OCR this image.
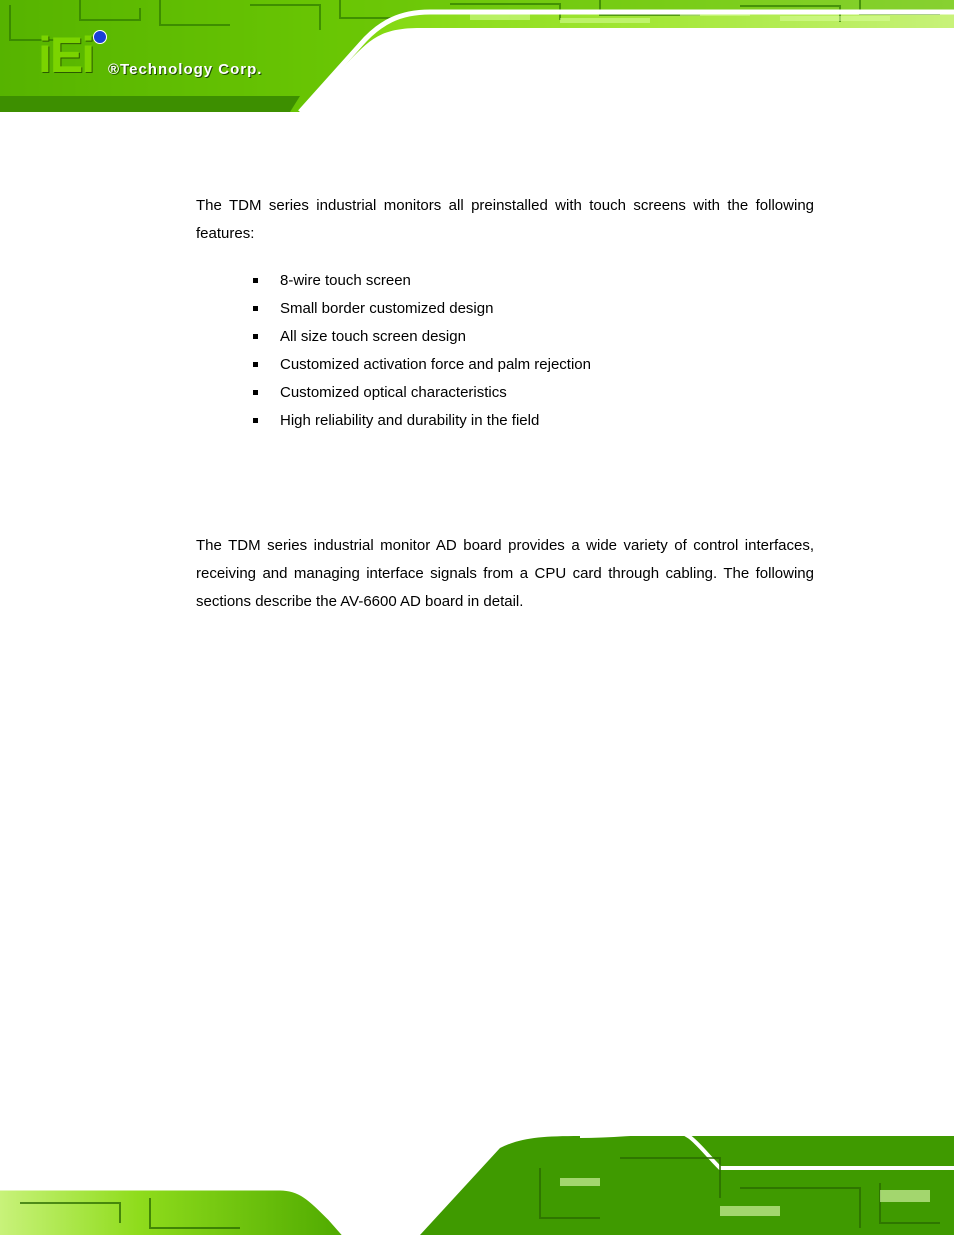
iEi ®Technology Corp.

The TDM series industrial monitors all preinstalled with touch screens with the following features:

8-wire touch screen
Small border customized design
All size touch screen design
Customized activation force and palm rejection
Customized optical characteristics
High reliability and durability in the field

The TDM series industrial monitor AD board provides a wide variety of control interfaces, receiving and managing interface signals from a CPU card through cabling. The following sections describe the AV-6600 AD board in detail.
